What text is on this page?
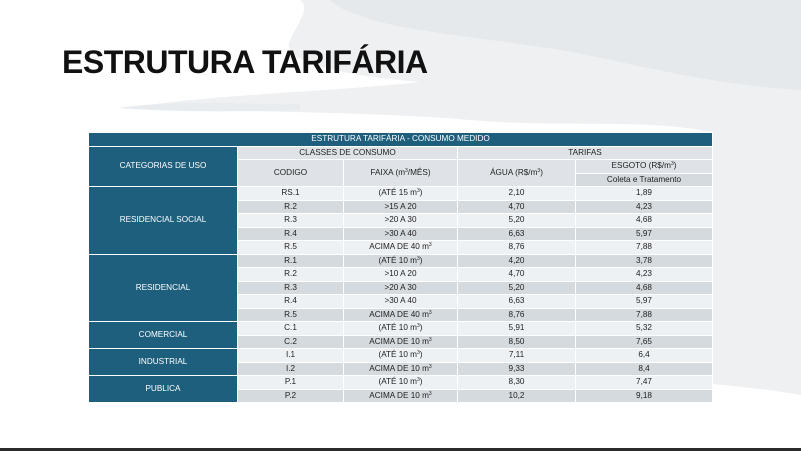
ESTRUTURA TARIFÁRIA
ESTRUTURA TARIFÁRIA - CONSUMO MEDIDO				
CATEGORIAS DE USO	CLASSES DE CONSUMO		TARIFAS	
	CODIGO	FAIXA $(m^3/MÊS)$	ÁGUA $(R\$/m^3)$	ESGOTO $(R\$/m^3)$
				Coleta e Tratamento
RESIDENCIAL SOCIAL	RS.1	(ATÉ 15 $m^3$)	2,10	1,89
	R.2	>15 A 20	4,70	4,23
	R.3	>20 A 30	5,20	4,68
	R.4	>30 A 40	6,63	5,97
	R.5	ACIMA DE 40 $m^3$	8,76	7,88
RESIDENCIAL	R.1	(ATÉ 10 $m^3$)	4,20	3,78
	R.2	>10 A 20	4,70	4,23
	R.3	>20 A 30	5,20	4,68
	R.4	>30 A 40	6,63	5,97
	R.5	ACIMA DE 40 $m^3$	8,76	7,88
COMERCIAL	C.1	(ATÉ 10 $m^3$)	5,91	5,32
	C.2	ACIMA DE 10 $m^3$	8,50	7,65
INDUSTRIAL	I.1	(ATÉ 10 $m^3$)	7,11	6,4
	I.2	ACIMA DE 10 $m^3$	9,33	8,4
PUBLICA	P.1	(ATÉ 10 $m^3$)	8,30	7,47
	P.2	ACIMA DE 10 $m^3$	10,2	9,18
